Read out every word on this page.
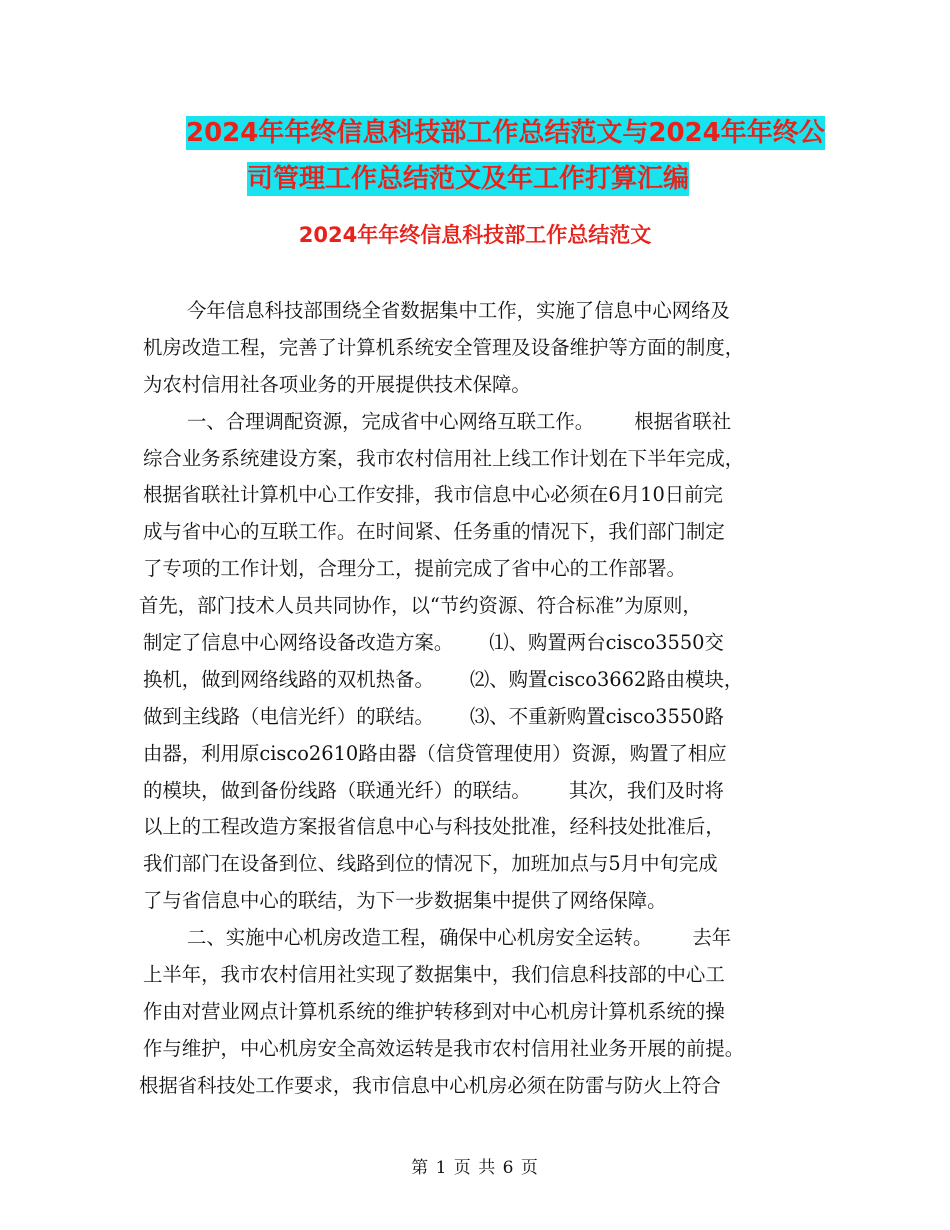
2024年年终信息科技部工作总结范文与2024年年终公
司管理工作总结范文及年工作打算汇编
2024年年终信息科技部工作总结范文
今年信息科技部围绕全省数据集中工作，实施了信息中心网络及
机房改造工程，完善了计算机系统安全管理及设备维护等方面的制度，
为农村信用社各项业务的开展提供技术保障。
一、合理调配资源，完成省中心网络互联工作。 根据省联社
综合业务系统建设方案，我市农村信用社上线工作计划在下半年完成，
根据省联社计算机中心工作安排，我市信息中心必须在6月10日前完
成与省中心的互联工作。在时间紧、任务重的情况下，我们部门制定
了专项的工作计划，合理分工，提前完成了省中心的工作部署。
首先，部门技术人员共同协作，以“节约资源、符合标准”为原则，
制定了信息中心网络设备改造方案。 ⑴、购置两台cisco3550交
换机，做到网络线路的双机热备。 ⑵、购置cisco3662路由模块，
做到主线路（电信光纤）的联结。 ⑶、不重新购置cisco3550路
由器，利用原cisco2610路由器（信贷管理使用）资源，购置了相应
的模块，做到备份线路（联通光纤）的联结。 其次，我们及时将
以上的工程改造方案报省信息中心与科技处批准，经科技处批准后，
我们部门在设备到位、线路到位的情况下，加班加点与5月中旬完成
了与省信息中心的联结，为下一步数据集中提供了网络保障。
二、实施中心机房改造工程，确保中心机房安全运转。 去年
上半年，我市农村信用社实现了数据集中，我们信息科技部的中心工
作由对营业网点计算机系统的维护转移到对中心机房计算机系统的操
作与维护，中心机房安全高效运转是我市农村信用社业务开展的前提。
根据省科技处工作要求，我市信息中心机房必须在防雷与防火上符合
第 1 页 共 6 页
